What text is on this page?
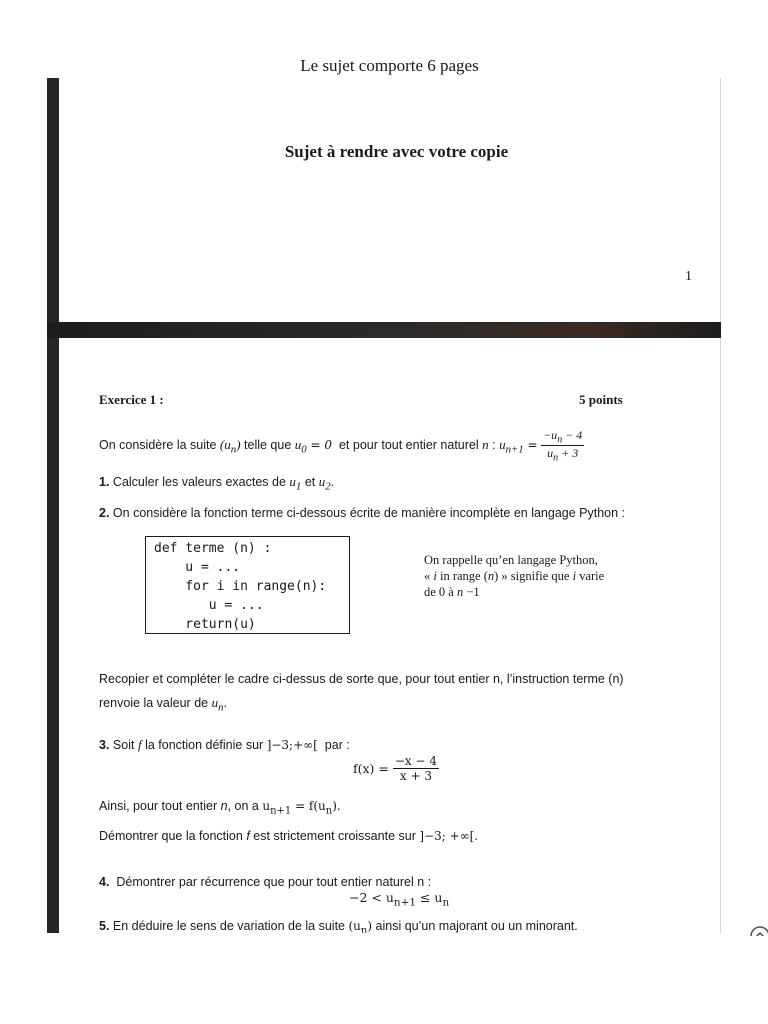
Le sujet comporte 6 pages
Sujet à rendre avec votre copie
1
Exercice 1 :	5 points
On considère la suite $(u_n)$ telle que $u_0 = 0$ et pour tout entier naturel n : $u_{n+1} = \frac{-u_n - 4}{u_n + 3}$
1. Calculer les valeurs exactes de $u_1$ et $u_2$.
2. On considère la fonction terme ci-dessous écrite de manière incomplète en langage Python :
def terme (n) :
u = ...
for i in range(n):
u = ...
return(u)
On rappelle qu’en langage Python,
« i in range (n) » signifie que i varie
de 0 à n −1
Recopier et compléter le cadre ci-dessus de sorte que, pour tout entier n, l’instruction terme (n)
renvoie la valeur de $u_n$.
3. Soit f la fonction définie sur ]−3;+∞[ par :
$f(x) = \frac{-x - 4}{x + 3}$
Ainsi, pour tout entier n, on a $u_{n+1} = f(u_n)$.
Démontrer que la fonction f est strictement croissante sur ]−3; +∞[.
4. Démontrer par récurrence que pour tout entier naturel n :
$-2 < u_{n+1} \le u_n$
5. En déduire le sens de variation de la suite $(u_n)$ ainsi qu’un majorant ou un minorant.
